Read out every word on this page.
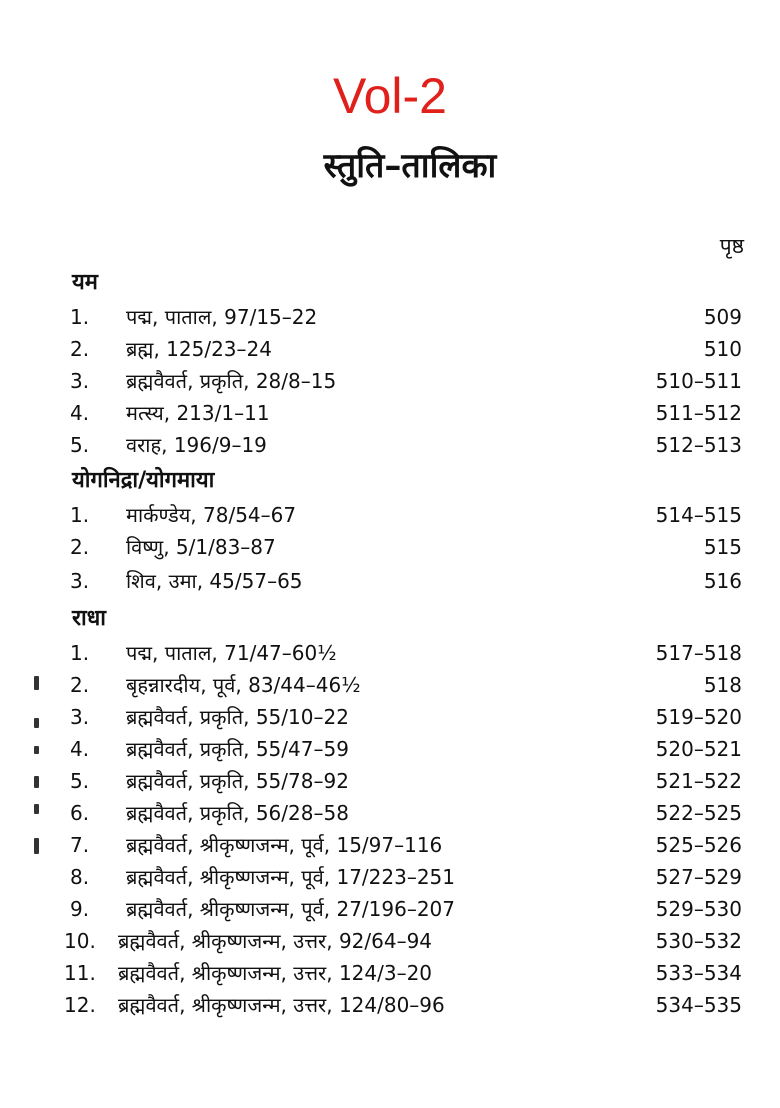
Vol-2
स्तुति–तालिका
पृष्ठ
यम
1. पद्म, पाताल, 97/15–22	509
2. ब्रह्म, 125/23–24	510
3. ब्रह्मवैवर्त, प्रकृति, 28/8–15	510–511
4. मत्स्य, 213/1–11	511–512
5. वराह, 196/9–19	512–513
योगनिद्रा/योगमाया
1. मार्कण्डेय, 78/54–67	514–515
2. विष्णु, 5/1/83–87	515
3. शिव, उमा, 45/57–65	516
राधा
1. पद्म, पाताल, 71/47–60½	517–518
2. बृहन्नारदीय, पूर्व, 83/44–46½	518
3. ब्रह्मवैवर्त, प्रकृति, 55/10–22	519–520
4. ब्रह्मवैवर्त, प्रकृति, 55/47–59	520–521
5. ब्रह्मवैवर्त, प्रकृति, 55/78–92	521–522
6. ब्रह्मवैवर्त, प्रकृति, 56/28–58	522–525
7. ब्रह्मवैवर्त, श्रीकृष्णजन्म, पूर्व, 15/97–116	525–526
8. ब्रह्मवैवर्त, श्रीकृष्णजन्म, पूर्व, 17/223–251	527–529
9. ब्रह्मवैवर्त, श्रीकृष्णजन्म, पूर्व, 27/196–207	529–530
10. ब्रह्मवैवर्त, श्रीकृष्णजन्म, उत्तर, 92/64–94	530–532
11. ब्रह्मवैवर्त, श्रीकृष्णजन्म, उत्तर, 124/3–20	533–534
12. ब्रह्मवैवर्त, श्रीकृष्णजन्म, उत्तर, 124/80–96	534–535
